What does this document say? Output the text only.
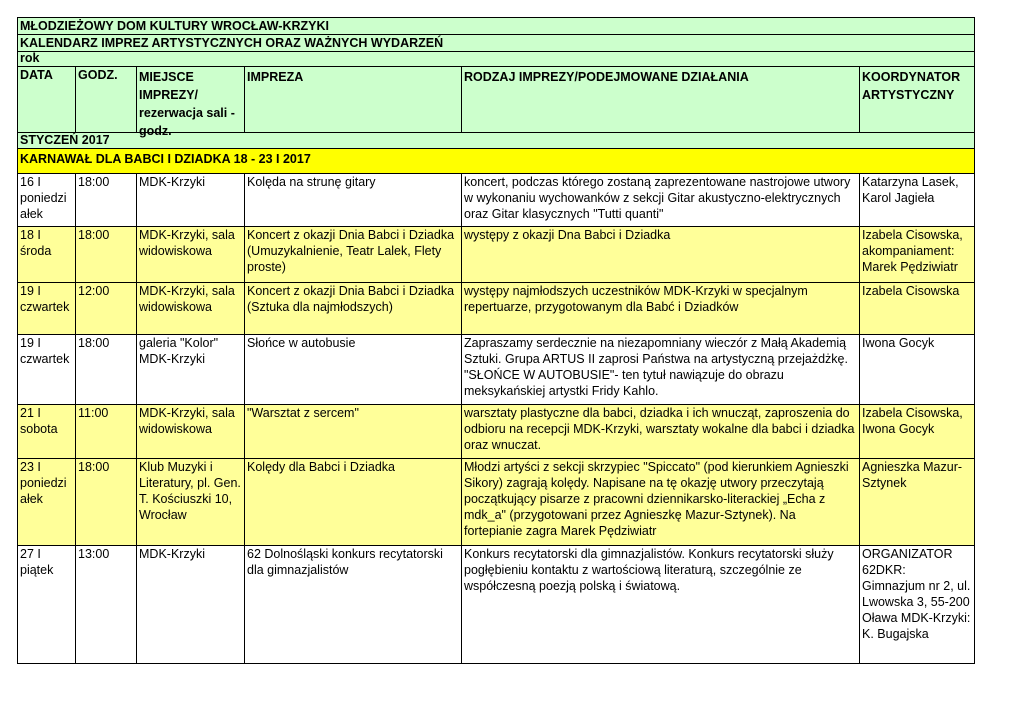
MŁODZIEŻOWY DOM KULTURY WROCŁAW-KRZYKI					
KALENDARZ IMPREZ ARTYSTYCZNYCH ORAZ WAŻNYCH WYDARZEŃ					
rok					
DATA	GODZ.	MIEJSCE IMPREZY/ rezerwacja sali - godz.	IMPREZA	RODZAJ IMPREZY/PODEJMOWANE DZIAŁANIA	KOORDYNATOR ARTYSTYCZNY
STYCZEŃ 2017					
KARNAWAŁ DLA BABCI I DZIADKA 18 - 23 I 2017					
16 I poniedzi ałek	18:00	MDK-Krzyki	Kolęda na strunę gitary	koncert, podczas którego zostaną zaprezentowane nastrojowe utwory w wykonaniu wychowanków z sekcji Gitar akustyczno-elektrycznych oraz Gitar klasycznych "Tutti quanti"	Katarzyna Lasek, Karol Jagieła
18 I środa	18:00	MDK-Krzyki, sala widowiskowa	Koncert z okazji Dnia Babci i Dziadka (Umuzykalnienie, Teatr Lalek, Flety proste)	występy z okazji Dna Babci i Dziadka	Izabela Cisowska, akompaniament: Marek Pędziwiatr
19 I czwartek	12:00	MDK-Krzyki, sala widowiskowa	Koncert z okazji Dnia Babci i Dziadka (Sztuka dla najmłodszych)	występy najmłodszych uczestników MDK-Krzyki w specjalnym repertuarze, przygotowanym dla Babć i Dziadków	Izabela Cisowska
19 I czwartek	18:00	galeria "Kolor" MDK-Krzyki	Słońce w autobusie	Zapraszamy serdecznie na niezapomniany wieczór z Małą Akademią Sztuki. Grupa ARTUS II zaprosi Państwa na artystyczną przejażdżkę. "SŁOŃCE W AUTOBUSIE"- ten tytuł nawiązuje do obrazu meksykańskiej artystki Fridy Kahlo.	Iwona Gocyk
21 I sobota	11:00	MDK-Krzyki, sala widowiskowa	"Warsztat z sercem"	warsztaty plastyczne dla babci, dziadka i ich wnucząt, zaproszenia do odbioru na recepcji MDK-Krzyki, warsztaty wokalne dla babci i dziadka oraz wnuczat.	Izabela Cisowska, Iwona Gocyk
23 I poniedzi ałek	18:00	Klub Muzyki i Literatury, pl. Gen. T. Kościuszki 10, Wrocław	Kolędy dla Babci i Dziadka	Młodzi artyści z sekcji skrzypiec "Spiccato" (pod kierunkiem Agnieszki Sikory) zagrają kolędy. Napisane na tę okazję utwory przeczytają początkujący pisarze z pracowni dziennikarsko-literackiej „Echa z mdk_a" (przygotowani przez Agnieszkę Mazur-Sztynek). Na fortepianie zagra Marek Pędziwiatr	Agnieszka Mazur-Sztynek
27 I piątek	13:00	MDK-Krzyki	62 Dolnośląski konkurs recytatorski dla gimnazjalistów	Konkurs recytatorski dla gimnazjalistów. Konkurs recytatorski służy pogłębieniu kontaktu z wartościową literaturą, szczególnie ze współczesną poezją polską i światową.	ORGANIZATOR 62DKR: Gimnazjum nr 2, ul. Lwowska 3, 55-200 Oława MDK-Krzyki: K. Bugajska
